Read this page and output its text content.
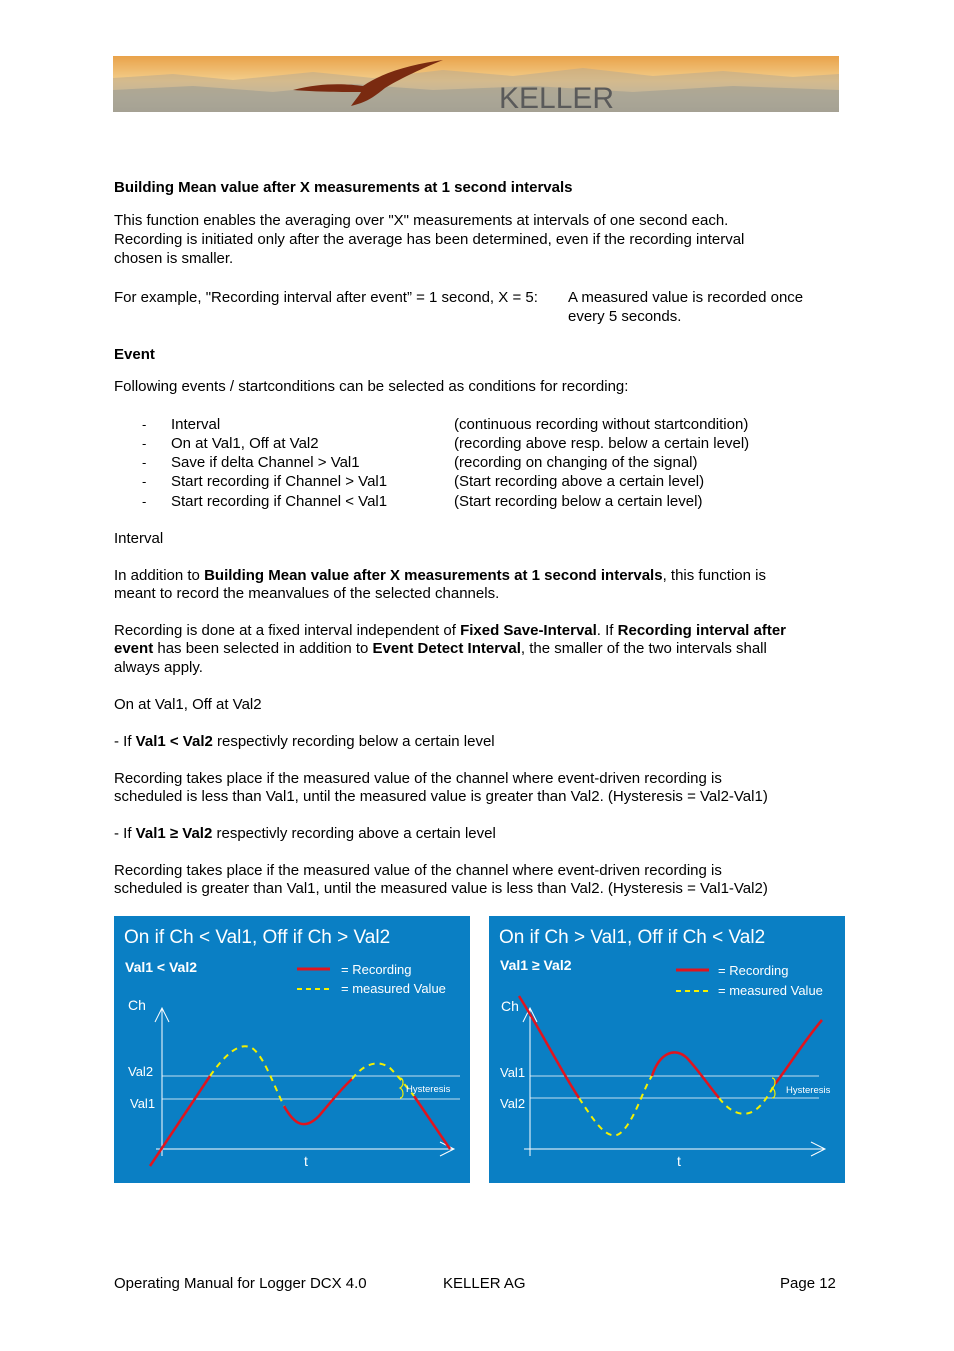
KELLER

Building Mean value after X measurements at 1 second intervals

This function enables the averaging over "X" measurements at intervals of one second each.

Recording is initiated only after the average has been determined, even if the recording interval

chosen is smaller.

For example, "Recording interval after event” = 1 second, X = 5:	A measured value is recorded once

every 5 seconds.

Event

Following events / startconditions can be selected as conditions for recording:

- Interval	(continuous recording without startcondition)
- On at Val1, Off at Val2	(recording above resp. below a certain level)
- Save if delta Channel > Val1	(recording on changing of the signal)
- Start recording if Channel > Val1	(Start recording above a certain level)
- Start recording if Channel < Val1	(Start recording below a certain level)

Interval

In addition to Building Mean value after X measurements at 1 second intervals, this function is

meant to record the meanvalues of the selected channels.

Recording is done at a fixed interval independent of Fixed Save-Interval. If Recording interval after

event has been selected in addition to Event Detect Interval, the smaller of the two intervals shall

always apply.

On at Val1, Off at Val2

- If Val1 < Val2 respectivly recording below a certain level

Recording takes place if the measured value of the channel where event-driven recording is

scheduled is less than Val1, until the measured value is greater than Val2. (Hysteresis = Val2-Val1)

- If Val1 ≥ Val2 respectivly recording above a certain level

Recording takes place if the measured value of the channel where event-driven recording is

scheduled is greater than Val1, until the measured value is less than Val2. (Hysteresis = Val1-Val2)

On if Ch < Val1, Off if Ch > Val2
Val1 < Val2	= Recording
= measured Value
Ch
Val2
Val1
Hysteresis
t
On if Ch > Val1, Off if Ch < Val2
Val1 ≥ Val2	= Recording
= measured Value
Ch
Val1
Val2
Hysteresis
t
Operating Manual for Logger DCX 4.0	KELLER AG	Page 12
